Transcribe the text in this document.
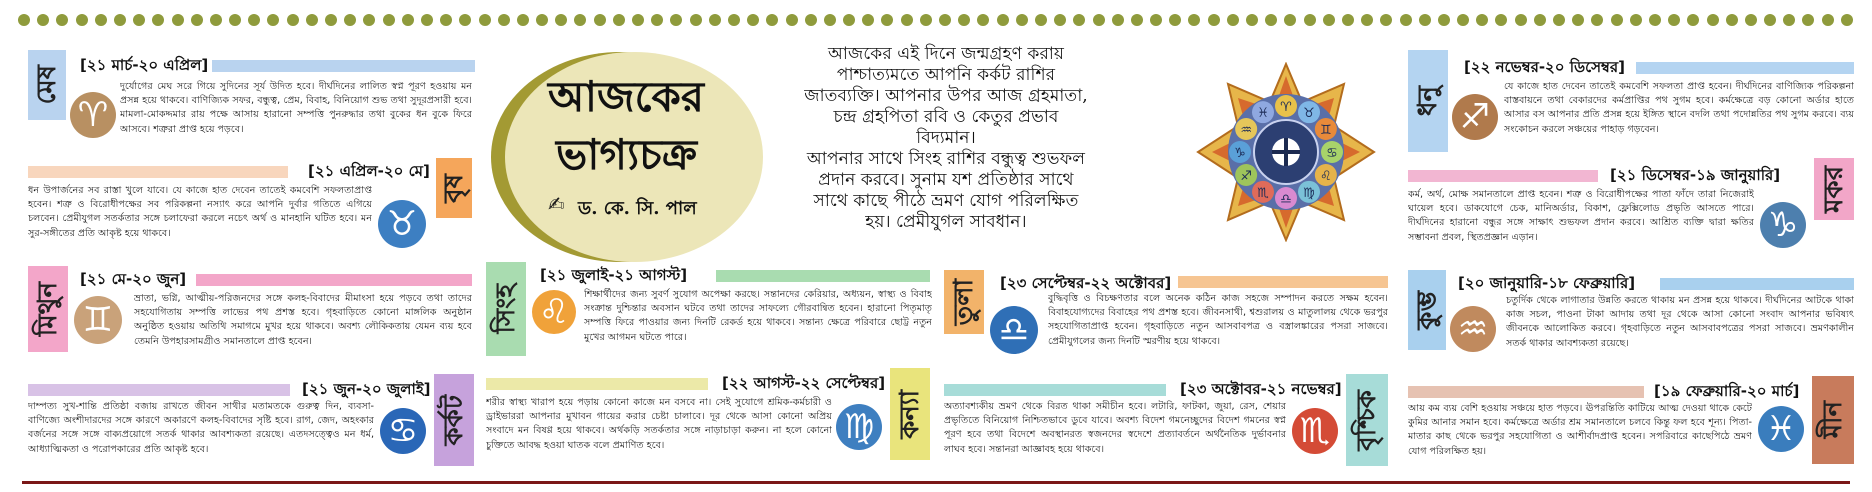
মেষ
[২১ মার্চ-২০ এপ্রিল]
♈
দুর্যোগের মেঘ সরে গিয়ে সুদিনের সূর্য উদিত হবে। দীর্ঘদিনের লালিত স্বপ্ন পূরণ হওয়ায় মন প্রসন্ন হয়ে থাকবে। বাণিজ্যিক সফর, বন্ধুত্ব, প্রেম, বিবাহ, বিনিয়োগ শুভ তথা সুদূরপ্রসারী হবে। মামলা-মোকদ্দমার রায় পক্ষে আসায় হারানো সম্পত্তি পুনরুদ্ধার তথা বুকের ধন বুকে ফিরে আসবে। শত্রুরা প্রাপ্ত হয়ে পড়বে।
[২১ এপ্রিল-২০ মে]
বৃষ
♉
ধন উপার্জনের সব রাস্তা খুলে যাবে। যে কাজে হাত দেবেন তাতেই কমবেশি সফলতাপ্রাপ্ত হবেন। শত্রু ও বিরোধীপক্ষের সব পরিকল্পনা নস্যাৎ করে আপনি দুর্বার গতিতে এগিয়ে চলবেন। প্রেমীযুগল সতর্কতার সঙ্গে চলাফেরা করলে নচেৎ অর্থ ও মানহানি ঘটিত হবে। মন সুর-সঙ্গীতের প্রতি আকৃষ্ট হয়ে থাকবে।
মিথুন
[২১ মে-২০ জুন]
♊
ভ্রাতা, ভগ্নি, আত্মীয়-পরিজনদের সঙ্গে কলহ-বিবাদের মীমাংসা হয়ে পড়বে তথা তাদের সহযোগিতায় সম্পত্তি লাভের পথ প্রশস্ত হবে। গৃহবাড়িতে কোনো মাঙ্গলিক অনুষ্ঠান অনুষ্ঠিত হওয়ায় অতিথি সমাগমে মুখর হয়ে থাকবে। অবশ্য লৌকিকতায় যেমন ব্যয় হবে তেমনি উপহারসামগ্রীও সমানতালে প্রাপ্ত হবেন।
[২১ জুন-২০ জুলাই]
কর্কট
♋
দাম্পত্য সুখ-শান্তি প্রতিষ্ঠা বজায় রাখতে জীবন সাথীর মতামতকে গুরুত্ব দিন, ব্যবসা-বাণিজ্যে অংশীদারদের সঙ্গে কারণে অকারণে কলহ-বিবাদের সৃষ্টি হবে। রাগ, জেদ, অহংকার বর্জনের সঙ্গে সঙ্গে বাক্যপ্রয়োগে সতর্ক থাকার আবশ্যকতা রয়েছে। এতদসত্ত্বেও মন ধর্ম, আধ্যাত্মিকতা ও পরোপকারের প্রতি আকৃষ্ট হবে।
আজকের
ভাগ্যচক্র
✍ ড. কে. সি. পাল
আজকের এই দিনে জন্মগ্রহণ করায়
পাশ্চাত্যমতে আপনি কর্কট রাশির
জাতব্যক্তি। আপনার উপর আজ গ্রহমাতা,
চন্দ্র গ্রহপিতা রবি ও কেতুর প্রভাব
বিদ্যমান।
আপনার সাথে সিংহ রাশির বন্ধুত্ব শুভফল
প্রদান করবে। সুনাম যশ প্রতিষ্ঠার সাথে
সাথে কাছে পীঠে ভ্রমণ যোগ পরিলক্ষিত
হয়। প্রেমীযুগল সাবধান।
♈ ♉
♊
♋
♌
♍
♎
♏
♐
♑
♒
♓
সিংহ
[২১ জুলাই-২১ আগস্ট]
♌	শিক্ষার্থীদের জন্য সুবর্ণ সুযোগ অপেক্ষা করছে। সন্তানদের কেরিয়ার, অধ্যয়ন, স্বাস্থ্য ও বিবাহ সংক্রান্ত দুশ্চিন্তার অবসান ঘটবে তথা তাদের সাফল্যে গৌরবান্বিত হবেন। হারানো পিতৃমাতৃ সম্পত্তি ফিরে পাওয়ার জন্য দিনটি রেকর্ড হয়ে থাকবে। সন্তান্য ক্ষেত্রে পরিবারে ছোট্ট নতুন মুখের আগমন ঘটতে পারে।
[২২ আগস্ট-২২ সেপ্টেম্বর]
কন্যা
♍
শরীর স্বাস্থ্য খারাপ হয়ে পড়ায় কোনো কাজে মন বসবে না। সেই সুযোগে শ্রমিক-কর্মচারী ও ড্রাইভাররা আপনার মুখাবন গায়ের করার চেষ্টা চালাবে। দূর থেকে আসা কোনো অপ্রিয় সংবাদে মন বিষণ্ণ হয়ে থাকবে। অর্থকড়ি সতর্কতার সঙ্গে নাড়াচাড়া করুন। না হলে কোনো চুক্তিতে আবদ্ধ হওয়া ঘাতক বলে প্রমাণিত হবে।
তুলা	[২৩ সেপ্টেম্বর-২২ অক্টোবর]
♎
বুদ্ধিবৃত্তি ও বিচক্ষণতার বলে অনেক কঠিন কাজ সহজে সম্পাদন করতে সক্ষম হবেন। বিবাহযোগ্যদের বিবাহের পথ প্রশস্ত হবে। জীবনসাথী, শ্বশুরালয় ও মাতুলালয় থেকে ভরপুর সহযোগিতাপ্রাপ্ত হবেন। গৃহবাড়িতে নতুন আসবাবপত্র ও বস্ত্রালঙ্কারের পসরা সাজবে। প্রেমীযুগলের জন্য দিনটি স্মরণীয় হয়ে থাকবে।
[২৩ অক্টোবর-২১ নভেম্বর]
বৃশ্চিক
♏
অত্যাবশ্যকীয় ভ্রমণ থেকে বিরত থাকা সমীচীন হবে। লটারি, ফাটকা, জুয়া, রেস, শেয়ার প্রভৃতিতে বিনিয়োগ নিশ্চিতভাবে ডুবে যাবে। অবশ্য বিদেশ গমনেচ্ছুদের বিদেশ গমনের স্বপ্ন পূরণ হবে তথা বিদেশে অবস্থানরত স্বজনদের স্বদেশে প্রত্যাবর্তনে অর্থনৈতিক দুর্ভাবনার লাঘব হবে। সন্তানরা আজ্ঞাবহ হয়ে থাকবে।
ধনু
[২২ নভেম্বর-২০ ডিসেম্বর]
♐
যে কাজে হাত দেবেন তাতেই কমবেশি সফলতা প্রাপ্ত হবেন। দীর্ঘদিনের বাণিজ্যিক পরিকল্পনা বাস্তবায়নে তথা বেকারদের কর্মপ্রাপ্তির পথ সুগম হবে। কর্মক্ষেত্রে বড় কোনো অর্ডার হাতে আসার বস আপনার প্রতি প্রসন্ন হয়ে ইঙ্গিত স্থানে বদলি তথা পদোন্নতির পথ সুগম করবে। ব্যয় সংকোচন করলে সঞ্চয়ের পাহাড় গড়বেন।
[২১ ডিসেম্বর-১৯ জানুয়ারি] মকর
♑
কর্ম, অর্থ, মোক্ষ সমানতালে প্রাপ্ত হবেন। শত্রু ও বিরোধীপক্ষের পাতা ফাঁদে তারা নিজেরাই ঘায়েল হবে। ডাকযোগে চেক, মানিঅর্ডার, বিকাশ, ফ্লেক্সিলোড প্রভৃতি আসতে পারে। দীর্ঘদিনের হারানো বন্ধুর সঙ্গে সাক্ষাৎ শুভফল প্রদান করবে। আশ্রিত ব্যক্তি দ্বারা ক্ষতির সম্ভাবনা প্রবল, স্থিতপ্রজ্ঞান এড়ান।
কুম্ভ
[২০ জানুয়ারি-১৮ ফেব্রুয়ারি]
♒
চতুর্দিক থেকে লাগাতার উন্নতি করতে থাকায় মন প্রসন্ন হয়ে থাকবে। দীর্ঘদিনের আটকে থাকা কাজ সচল, পাওনা টাকা আদায় তথা দূর থেকে আসা কোনো সংবাদ আপনার ভবিষ্যৎ জীবনকে আলোকিত করবে। গৃহবাড়িতে নতুন আসবাবপত্রের পসরা সাজবে। ভ্রমণকালীন সতর্ক থাকার আবশ্যকতা রয়েছে।
[১৯ ফেব্রুয়ারি-২০ মার্চ]
মীন
♓
আয় কম ব্যয় বেশি হওয়ায় সঞ্চয়ে হাত পড়বে। ঊপরন্তিতি কাটিয়ে আত্ম দেওয়া থাকে কেটে কুমির আনার সমান হবে। কর্মক্ষেত্রে অর্ডার শ্রম সমানতালে চলবে কিন্তু ফল হবে শূন্য। পিতা-মাতার কাছ থেকে ভরপুর সহযোগিতা ও আশীর্বাদপ্রাপ্ত হবেন। সপরিবারে কাছেপিঠে ভ্রমণ যোগ পরিলক্ষিত হয়।
